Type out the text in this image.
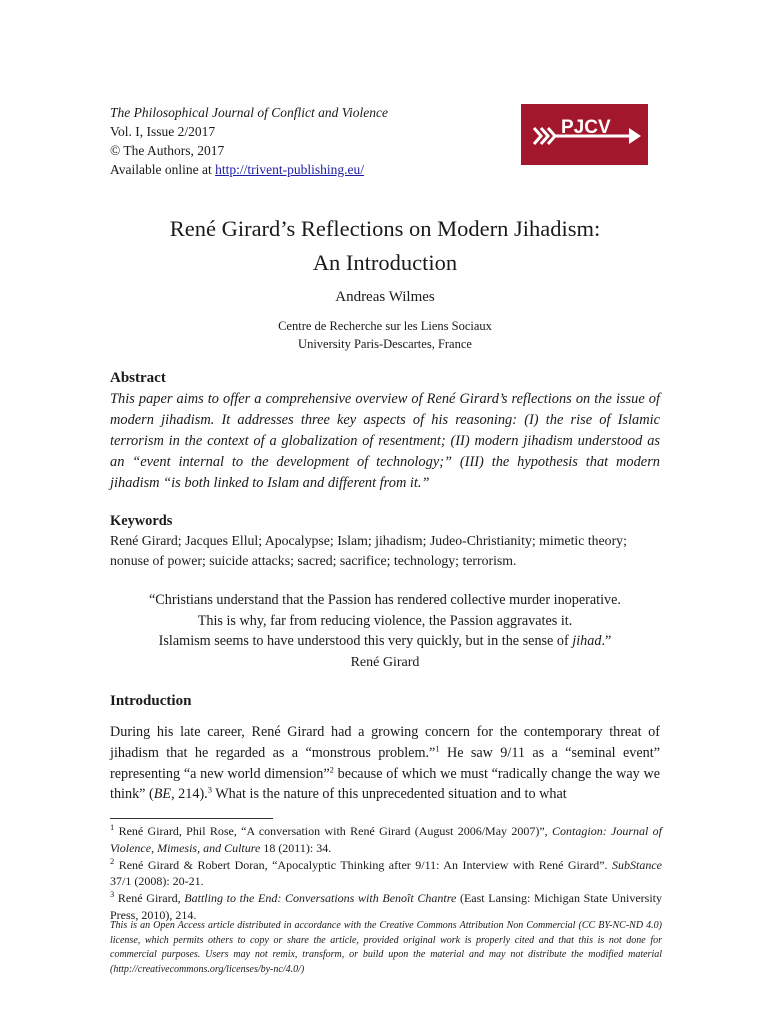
The Philosophical Journal of Conflict and Violence
Vol. I, Issue 2/2017
© The Authors, 2017
Available online at http://trivent-publishing.eu/
PJCV
René Girard’s Reflections on Modern Jihadism:
An Introduction
Andreas Wilmes
Centre de Recherche sur les Liens Sociaux
University Paris-Descartes, France
Abstract
This paper aims to offer a comprehensive overview of René Girard’s reflections on the issue of modern jihadism. It addresses three key aspects of his reasoning: (I) the rise of Islamic terrorism in the context of a globalization of resentment; (II) modern jihadism understood as an “event internal to the development of technology;” (III) the hypothesis that modern jihadism “is both linked to Islam and different from it.”
Keywords
René Girard; Jacques Ellul; Apocalypse; Islam; jihadism; Judeo-Christianity; mimetic theory; nonuse of power; suicide attacks; sacred; sacrifice; technology; terrorism.
“Christians understand that the Passion has rendered collective murder inoperative.
This is why, far from reducing violence, the Passion aggravates it.
Islamism seems to have understood this very quickly, but in the sense of jihad.”
René Girard
Introduction
During his late career, René Girard had a growing concern for the contemporary threat of jihadism that he regarded as a “monstrous problem.”$^1$ He saw 9/11 as a “seminal event” representing “a new world dimension”$^2$ because of which we must “radically change the way we think” (BE, 214).$^3$ What is the nature of this unprecedented situation and to what

$^1$ René Girard, Phil Rose, “A conversation with René Girard (August 2006/May 2007)”, Contagion: Journal of Violence, Mimesis, and Culture 18 (2011): 34.

$^2$ René Girard & Robert Doran, “Apocalyptic Thinking after 9/11: An Interview with René Girard”. SubStance 37/1 (2008): 20-21.

$^3$ René Girard, Battling to the End: Conversations with Benoît Chantre (East Lansing: Michigan State University Press, 2010), 214.

This is an Open Access article distributed in accordance with the Creative Commons Attribution Non Commercial (CC BY-NC-ND 4.0) license, which permits others to copy or share the article, provided original work is properly cited and that this is not done for commercial purposes. Users may not remix, transform, or build upon the material and may not distribute the modified material (http://creativecommons.org/licenses/by-nc/4.0/)
